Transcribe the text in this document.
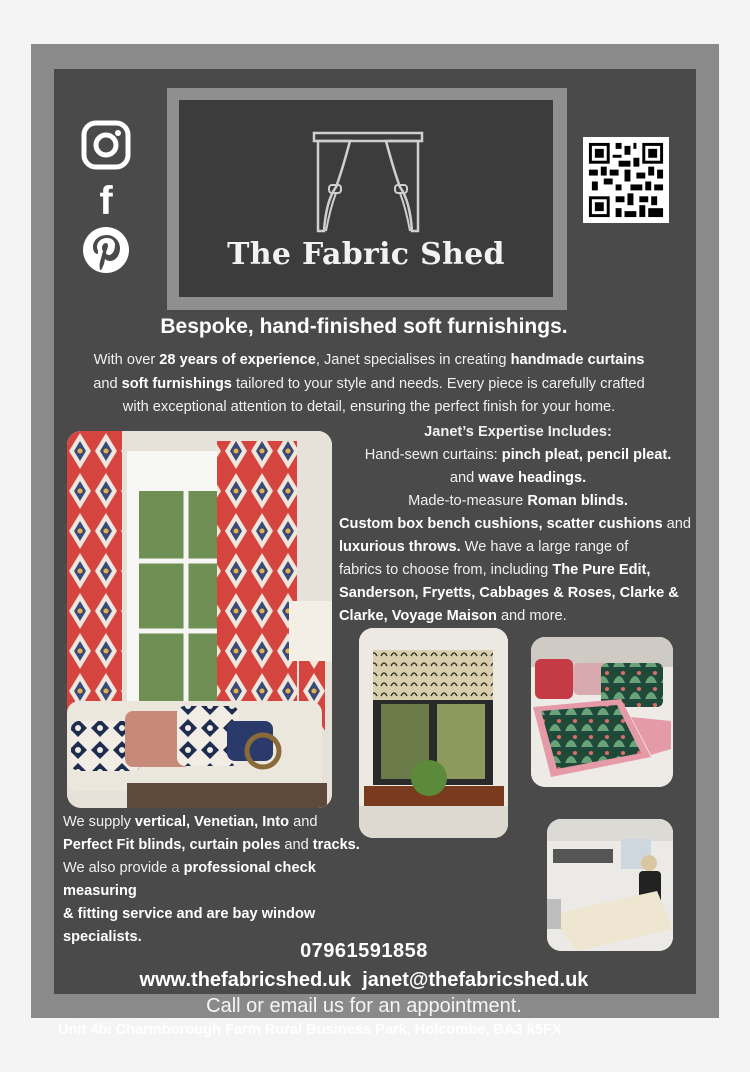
f
The Fabric Shed
Bespoke, hand-finished soft furnishings.
With over 28 years of experience, Janet specialises in creating handmade curtains
and soft furnishings tailored to your style and needs. Every piece is carefully crafted
with exceptional attention to detail, ensuring the perfect finish for your home.
Janet’s Expertise Includes:
Hand-sewn curtains: pinch pleat, pencil pleat.
and wave headings.
Made-to-measure Roman blinds.
Custom box bench cushions, scatter cushions and
luxurious throws. We have a large range of
fabrics to choose from, including The Pure Edit,
Sanderson, Fryetts, Cabbages & Roses, Clarke &
Clarke, Voyage Maison and more.
We supply vertical, Venetian, Into and
Perfect Fit blinds, curtain poles and tracks.
We also provide a professional check measuring
& fitting service and are bay window specialists.
07961591858
www.thefabricshed.uk janet@thefabricshed.uk
Call or email us for an appointment.
Unit 4bi Charmborough Farm Rural Business Park, Holcombe, BA3 k5FX
